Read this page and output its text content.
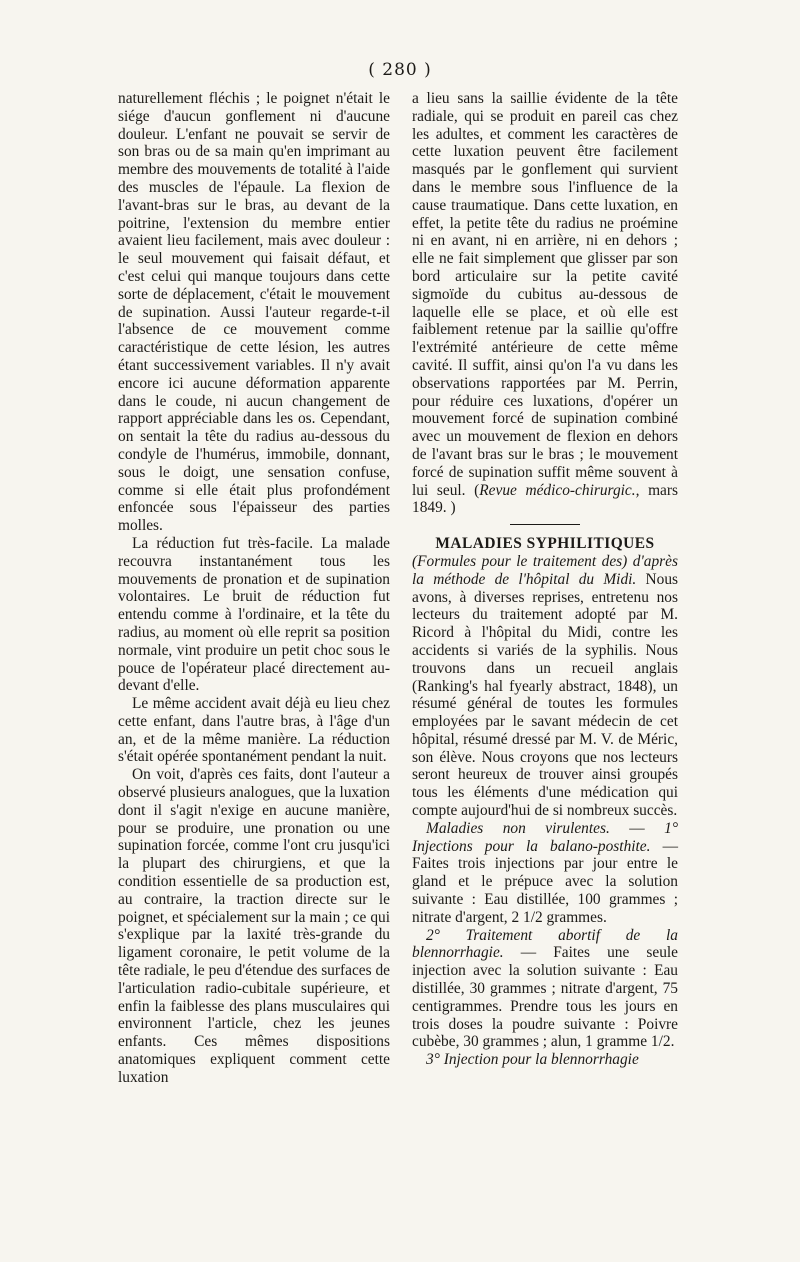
( 280 )

naturellement fléchis ; le poignet n'était le siége d'aucun gonflement ni d'aucune douleur. L'enfant ne pouvait se servir de son bras ou de sa main qu'en imprimant au membre des mouvements de totalité à l'aide des muscles de l'épaule. La flexion de l'avant-bras sur le bras, au devant de la poitrine, l'extension du membre entier avaient lieu facilement, mais avec douleur : le seul mouvement qui faisait défaut, et c'est celui qui manque toujours dans cette sorte de déplacement, c'était le mouvement de supination. Aussi l'auteur regarde-t-il l'absence de ce mouvement comme caractéristique de cette lésion, les autres étant successivement variables. Il n'y avait encore ici aucune déformation apparente dans le coude, ni aucun changement de rapport appréciable dans les os. Cependant, on sentait la tête du radius au-dessous du condyle de l'humérus, immobile, donnant, sous le doigt, une sensation confuse, comme si elle était plus profondément enfoncée sous l'épaisseur des parties molles.

La réduction fut très-facile. La malade recouvra instantanément tous les mouvements de pronation et de supination volontaires. Le bruit de réduction fut entendu comme à l'ordinaire, et la tête du radius, au moment où elle reprit sa position normale, vint produire un petit choc sous le pouce de l'opérateur placé directement au-devant d'elle.

Le même accident avait déjà eu lieu chez cette enfant, dans l'autre bras, à l'âge d'un an, et de la même manière. La réduction s'était opérée spontanément pendant la nuit.

On voit, d'après ces faits, dont l'auteur a observé plusieurs analogues, que la luxation dont il s'agit n'exige en aucune manière, pour se produire, une pronation ou une supination forcée, comme l'ont cru jusqu'ici la plupart des chirurgiens, et que la condition essentielle de sa production est, au contraire, la traction directe sur le poignet, et spécialement sur la main ; ce qui s'explique par la laxité très-grande du ligament coronaire, le petit volume de la tête radiale, le peu d'étendue des surfaces de l'articulation radio-cubitale supérieure, et enfin la faiblesse des plans musculaires qui environnent l'article, chez les jeunes enfants. Ces mêmes dispositions anatomiques expliquent comment cette luxation

a lieu sans la saillie évidente de la tête radiale, qui se produit en pareil cas chez les adultes, et comment les caractères de cette luxation peuvent être facilement masqués par le gonflement qui survient dans le membre sous l'influence de la cause traumatique. Dans cette luxation, en effet, la petite tête du radius ne proémine ni en avant, ni en arrière, ni en dehors ; elle ne fait simplement que glisser par son bord articulaire sur la petite cavité sigmoïde du cubitus au-dessous de laquelle elle se place, et où elle est faiblement retenue par la saillie qu'offre l'extrémité antérieure de cette même cavité. Il suffit, ainsi qu'on l'a vu dans les observations rapportées par M. Perrin, pour réduire ces luxations, d'opérer un mouvement forcé de supination combiné avec un mouvement de flexion en dehors de l'avant bras sur le bras ; le mouvement forcé de supination suffit même souvent à lui seul. (Revue médico-chirurgic., mars 1849. )

MALADIES SYPHILITIQUES

(Formules pour le traitement des) d'après la méthode de l'hôpital du Midi. Nous avons, à diverses reprises, entretenu nos lecteurs du traitement adopté par M. Ricord à l'hôpital du Midi, contre les accidents si variés de la syphilis. Nous trouvons dans un recueil anglais (Ranking's hal fyearly abstract, 1848), un résumé général de toutes les formules employées par le savant médecin de cet hôpital, résumé dressé par M. V. de Méric, son élève. Nous croyons que nos lecteurs seront heureux de trouver ainsi groupés tous les éléments d'une médication qui compte aujourd'hui de si nombreux succès.

Maladies non virulentes. — 1° Injections pour la balano-posthite. — Faites trois injections par jour entre le gland et le prépuce avec la solution suivante : Eau distillée, 100 grammes ; nitrate d'argent, 2 1/2 grammes.

2° Traitement abortif de la blennorrhagie. — Faites une seule injection avec la solution suivante : Eau distillée, 30 grammes ; nitrate d'argent, 75 centigrammes. Prendre tous les jours en trois doses la poudre suivante : Poivre cubèbe, 30 grammes ; alun, 1 gramme 1/2.

3° Injection pour la blennorrhagie
